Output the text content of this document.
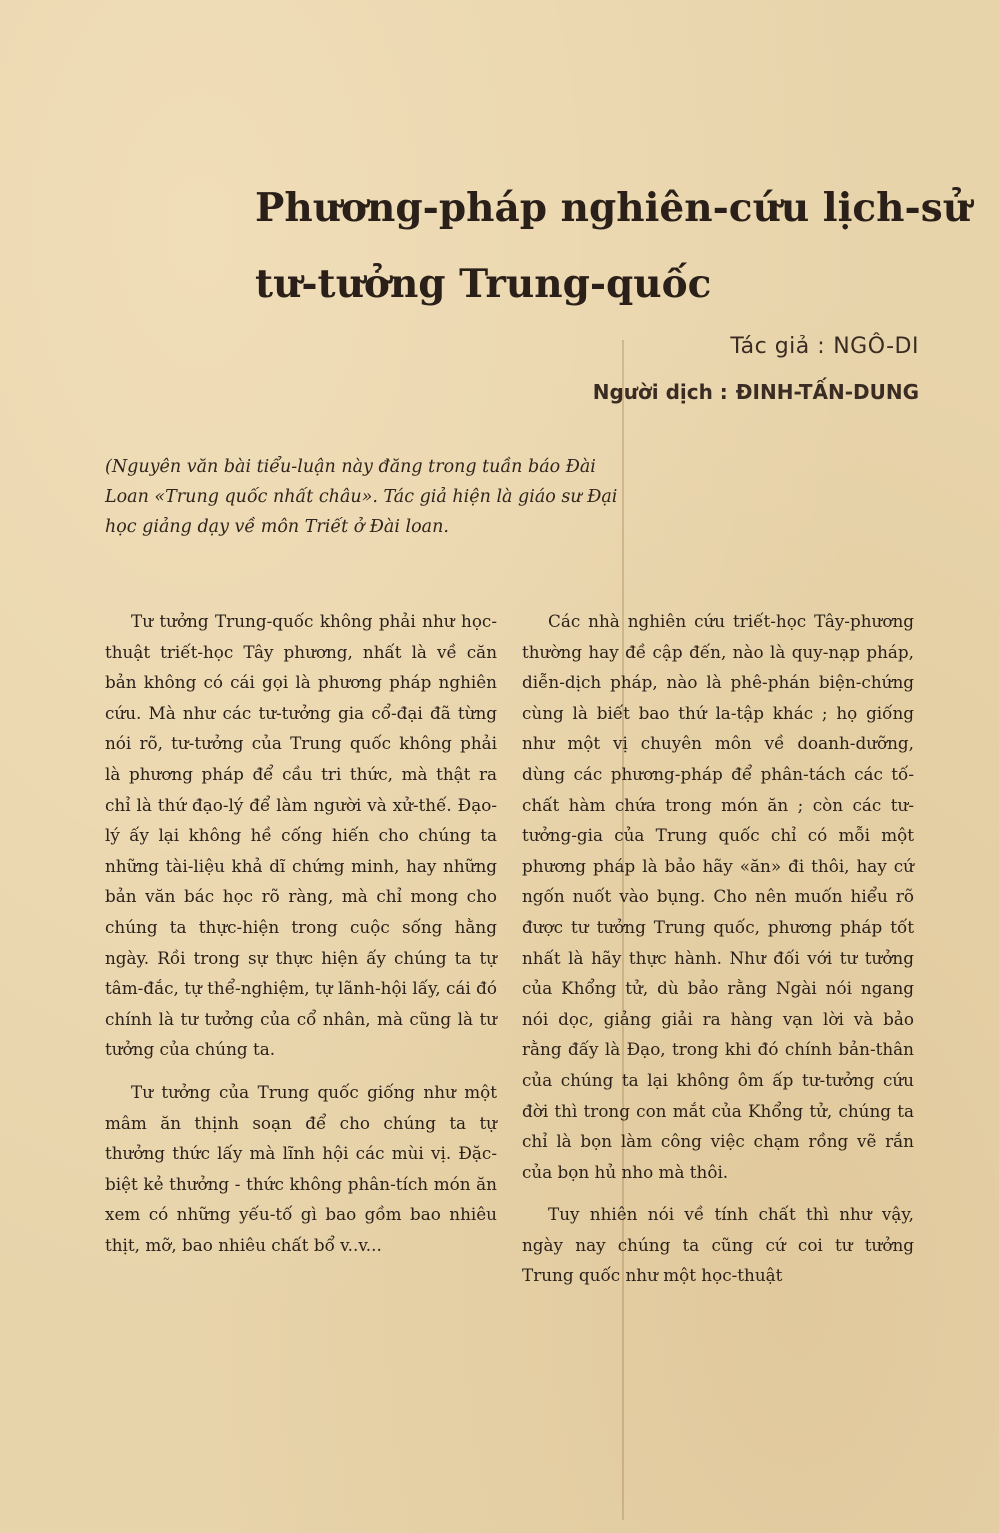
Phương-pháp nghiên-cứu lịch-sử
tư-tưởng Trung-quốc
Tác giả : NGÔ-DI
Người dịch : ĐINH-TẤN-DUNG

(Nguyên văn bài tiểu-luận này đăng trong tuần báo Đài Loan «Trung quốc nhất châu». Tác giả hiện là giáo sư Đại học giảng dạy về môn Triết ở Đài loan.

Tư tưởng Trung-quốc không phải như học-thuật triết-học Tây phương, nhất là về căn bản không có cái gọi là phương pháp nghiên cứu. Mà như các tư-tưởng gia cổ-đại đã từng nói rõ, tư-tưởng của Trung quốc không phải là phương pháp để cầu tri thức, mà thật ra chỉ là thứ đạo-lý để làm người và xử-thế. Đạo-lý ấy lại không hề cống hiến cho chúng ta những tài-liệu khả dĩ chứng minh, hay những bản văn bác học rõ ràng, mà chỉ mong cho chúng ta thực-hiện trong cuộc sống hằng ngày. Rồi trong sự thực hiện ấy chúng ta tự tâm-đắc, tự thể-nghiệm, tự lãnh-hội lấy, cái đó chính là tư tưởng của cổ nhân, mà cũng là tư tưởng của chúng ta.

Tư tưởng của Trung quốc giống như một mâm ăn thịnh soạn để cho chúng ta tự thưởng thức lấy mà lĩnh hội các mùi vị. Đặc-biệt kẻ thưởng - thức không phân-tích món ăn xem có những yếu-tố gì bao gồm bao nhiêu thịt, mỡ, bao nhiêu chất bổ v..v...

Các nhà nghiên cứu triết-học Tây-phương thường hay đề cập đến, nào là quy-nạp pháp, diễn-dịch pháp, nào là phê-phán biện-chứng cùng là biết bao thứ la-tập khác ; họ giống như một vị chuyên môn về doanh-dưỡng, dùng các phương-pháp để phân-tách các tố-chất hàm chứa trong món ăn ; còn các tư-tưởng-gia của Trung quốc chỉ có mỗi một phương pháp là bảo hãy «ăn» đi thôi, hay cứ ngốn nuốt vào bụng. Cho nên muốn hiểu rõ được tư tưởng Trung quốc, phương pháp tốt nhất là hãy thực hành. Như đối với tư tưởng của Khổng tử, dù bảo rằng Ngài nói ngang nói dọc, giảng giải ra hàng vạn lời và bảo rằng đấy là Đạo, trong khi đó chính bản-thân của chúng ta lại không ôm ấp tư-tưởng cứu đời thì trong con mắt của Khổng tử, chúng ta chỉ là bọn làm công việc chạm rồng vẽ rắn của bọn hủ nho mà thôi.

Tuy nhiên nói về tính chất thì như vậy, ngày nay chúng ta cũng cứ coi tư tưởng Trung quốc như một học-thuật
